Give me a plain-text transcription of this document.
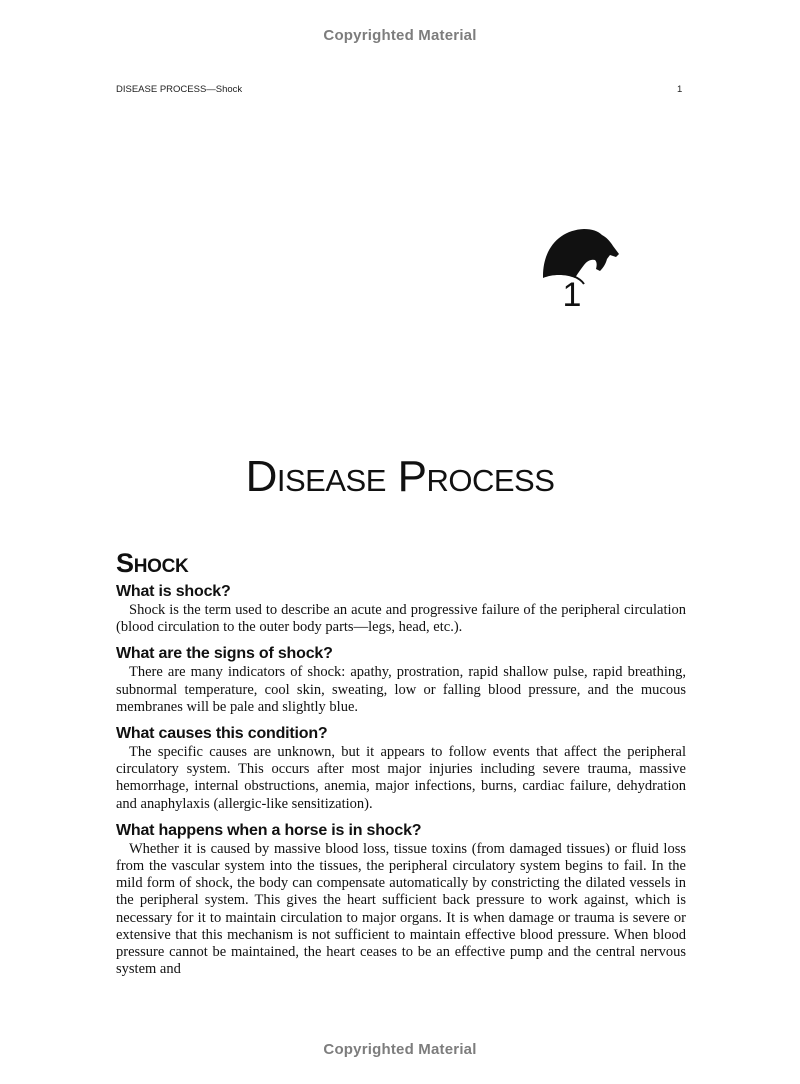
Copyrighted Material
DISEASE PROCESS—Shock	1
1
Disease Process
Shock
What is shock?

Shock is the term used to describe an acute and progressive failure of the peripheral circulation (blood circulation to the outer body parts—legs, head, etc.).

What are the signs of shock?

There are many indicators of shock: apathy, prostration, rapid shallow pulse, rapid breathing, subnormal temperature, cool skin, sweating, low or falling blood pressure, and the mucous membranes will be pale and slightly blue.

What causes this condition?

The specific causes are unknown, but it appears to follow events that affect the peripheral circulatory system. This occurs after most major injuries including severe trauma, massive hemorrhage, internal obstructions, anemia, major infections, burns, cardiac failure, dehydration and anaphylaxis (allergic-like sensitization).

What happens when a horse is in shock?

Whether it is caused by massive blood loss, tissue toxins (from damaged tissues) or fluid loss from the vascular system into the tissues, the peripheral circulatory system begins to fail. In the mild form of shock, the body can compensate automatically by constricting the dilated vessels in the peripheral system. This gives the heart sufficient back pressure to work against, which is necessary for it to maintain circulation to major organs. It is when damage or trauma is severe or extensive that this mechanism is not sufficient to maintain effective blood pressure. When blood pressure cannot be maintained, the heart ceases to be an effective pump and the central nervous system and

Copyrighted Material
